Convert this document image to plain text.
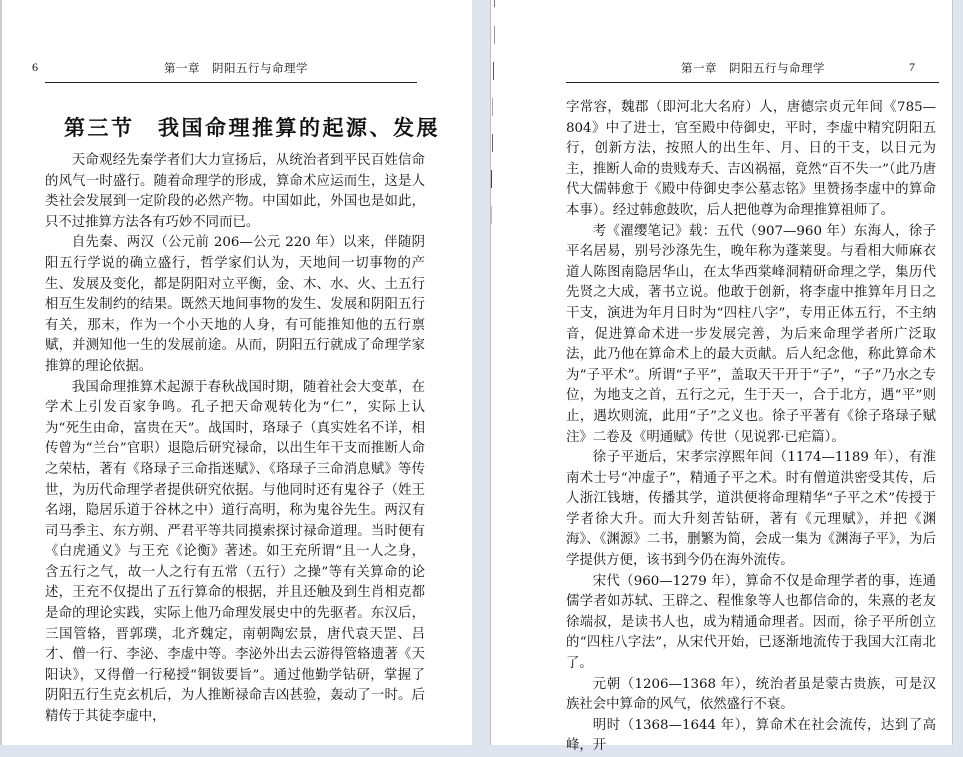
6	第一章　阴阳五行与命理学
第三节　我国命理推算的起源、发展

天命观经先秦学者们大力宣扬后，从统治者到平民百姓信命的风气一时盛行。随着命理学的形成，算命术应运而生，这是人类社会发展到一定阶段的必然产物。中国如此，外国也是如此，只不过推算方法各有巧妙不同而已。

自先秦、两汉（公元前 206—公元 220 年）以来，伴随阴阳五行学说的确立盛行，哲学家们认为，天地间一切事物的产生、发展及变化，都是阴阳对立平衡，金、木、水、火、土五行相互生发制约的结果。既然天地间事物的发生、发展和阴阳五行有关，那末，作为一个小天地的人身，有可能推知他的五行禀赋，并测知他一生的发展前途。从而，阴阳五行就成了命理学家推算的理论依据。

我国命理推算术起源于春秋战国时期，随着社会大变革，在学术上引发百家争鸣。孔子把天命观转化为“仁”，实际上认为“死生由命，富贵在天”。战国时，珞琭子（真实姓名不详，相传曾为“兰台”官职）退隐后研究禄命，以出生年干支而推断人命之荣枯，著有《珞琭子三命指迷赋》、《珞琭子三命消息赋》等传世，为历代命理学者提供研究依据。与他同时还有鬼谷子（姓王名翊，隐居乐道于谷林之中）道行高明，称为鬼谷先生。两汉有司马季主、东方朔、严君平等共同摸索探讨禄命道理。当时便有《白虎通义》与王充《论衡》著述。如王充所谓“且一人之身，含五行之气，故一人之行有五常（五行）之操”等有关算命的论述，王充不仅提出了五行算命的根据，并且还触及到生肖相克都是命的理论实践，实际上他乃命理发展史中的先驱者。东汉后，三国管辂，晋郭璞，北齐魏定，南朝陶宏景，唐代袁天罡、吕才、僧一行、李泌、李虚中等。李泌外出去云游得管辂遗著《天阳诀》，又得僧一行秘授“铜钹要旨”。通过他勤学钻研，掌握了阴阳五行生克玄机后，为人推断禄命吉凶甚验，轰动了一时。后精传于其徒李虚中，

第一章　阴阳五行与命理学	7

字常容，魏郡（即河北大名府）人，唐德宗贞元年间《785—804》中了进士，官至殿中侍御史，平时，李虚中精究阴阳五行，创新方法，按照人的出生年、月、日的干支，以日元为主，推断人命的贵贱寿夭、吉凶祸福，竟然“百不失一”（此乃唐代大儒韩愈于《殿中侍御史李公墓志铭》里赞扬李虚中的算命本事）。经过韩愈鼓吹，后人把他尊为命理推算祖师了。

考《濯缨笔记》载：五代（907—960 年）东海人，徐子平名居易，别号沙涤先生，晚年称为蓬莱叟。与看相大师麻衣道人陈图南隐居华山，在太华西棠峰洞精研命理之学，集历代先贤之大成，著书立说。他敢于创新，将李虚中推算年月日之干支，演进为年月日时为“四柱八字”，专用正体五行，不主纳音，促进算命术进一步发展完善，为后来命理学者所广泛取法，此乃他在算命术上的最大贡献。后人纪念他，称此算命术为“子平术”。所谓“子平”，盖取天干开于“子”，“子”乃水之专位，为地支之首，五行之元，生于天一，合于北方，遇“平”则止，遇坎则流，此用“子”之义也。徐子平著有《徐子珞琭子赋注》二卷及《明通赋》传世（见说郛·已疟篇）。

徐子平逝后，宋孝宗淳熙年间（1174—1189 年），有淮南术士号“冲虚子”，精通子平之术。时有僧道洪密受其传，后人浙江钱塘，传播其学，道洪便将命理精华“子平之术”传授于学者徐大升。而大升刻苦钻研，著有《元理赋》，并把《渊海》、《渊源》二书，删繁为简，会成一集为《渊海子平》，为后学提供方便，该书到今仍在海外流传。

宋代（960—1279 年），算命不仅是命理学者的事，连通儒学者如苏轼、王辟之、程惟象等人也都信命的，朱熹的老友徐端叔，是读书人也，成为精通命理者。因而，徐子平所创立的“四柱八字法”，从宋代开始，已逐渐地流传于我国大江南北了。

元朝（1206—1368 年），统治者虽是蒙古贵族，可是汉族社会中算命的风气，依然盛行不衰。

明时（1368—1644 年），算命术在社会流传，达到了高峰，开
